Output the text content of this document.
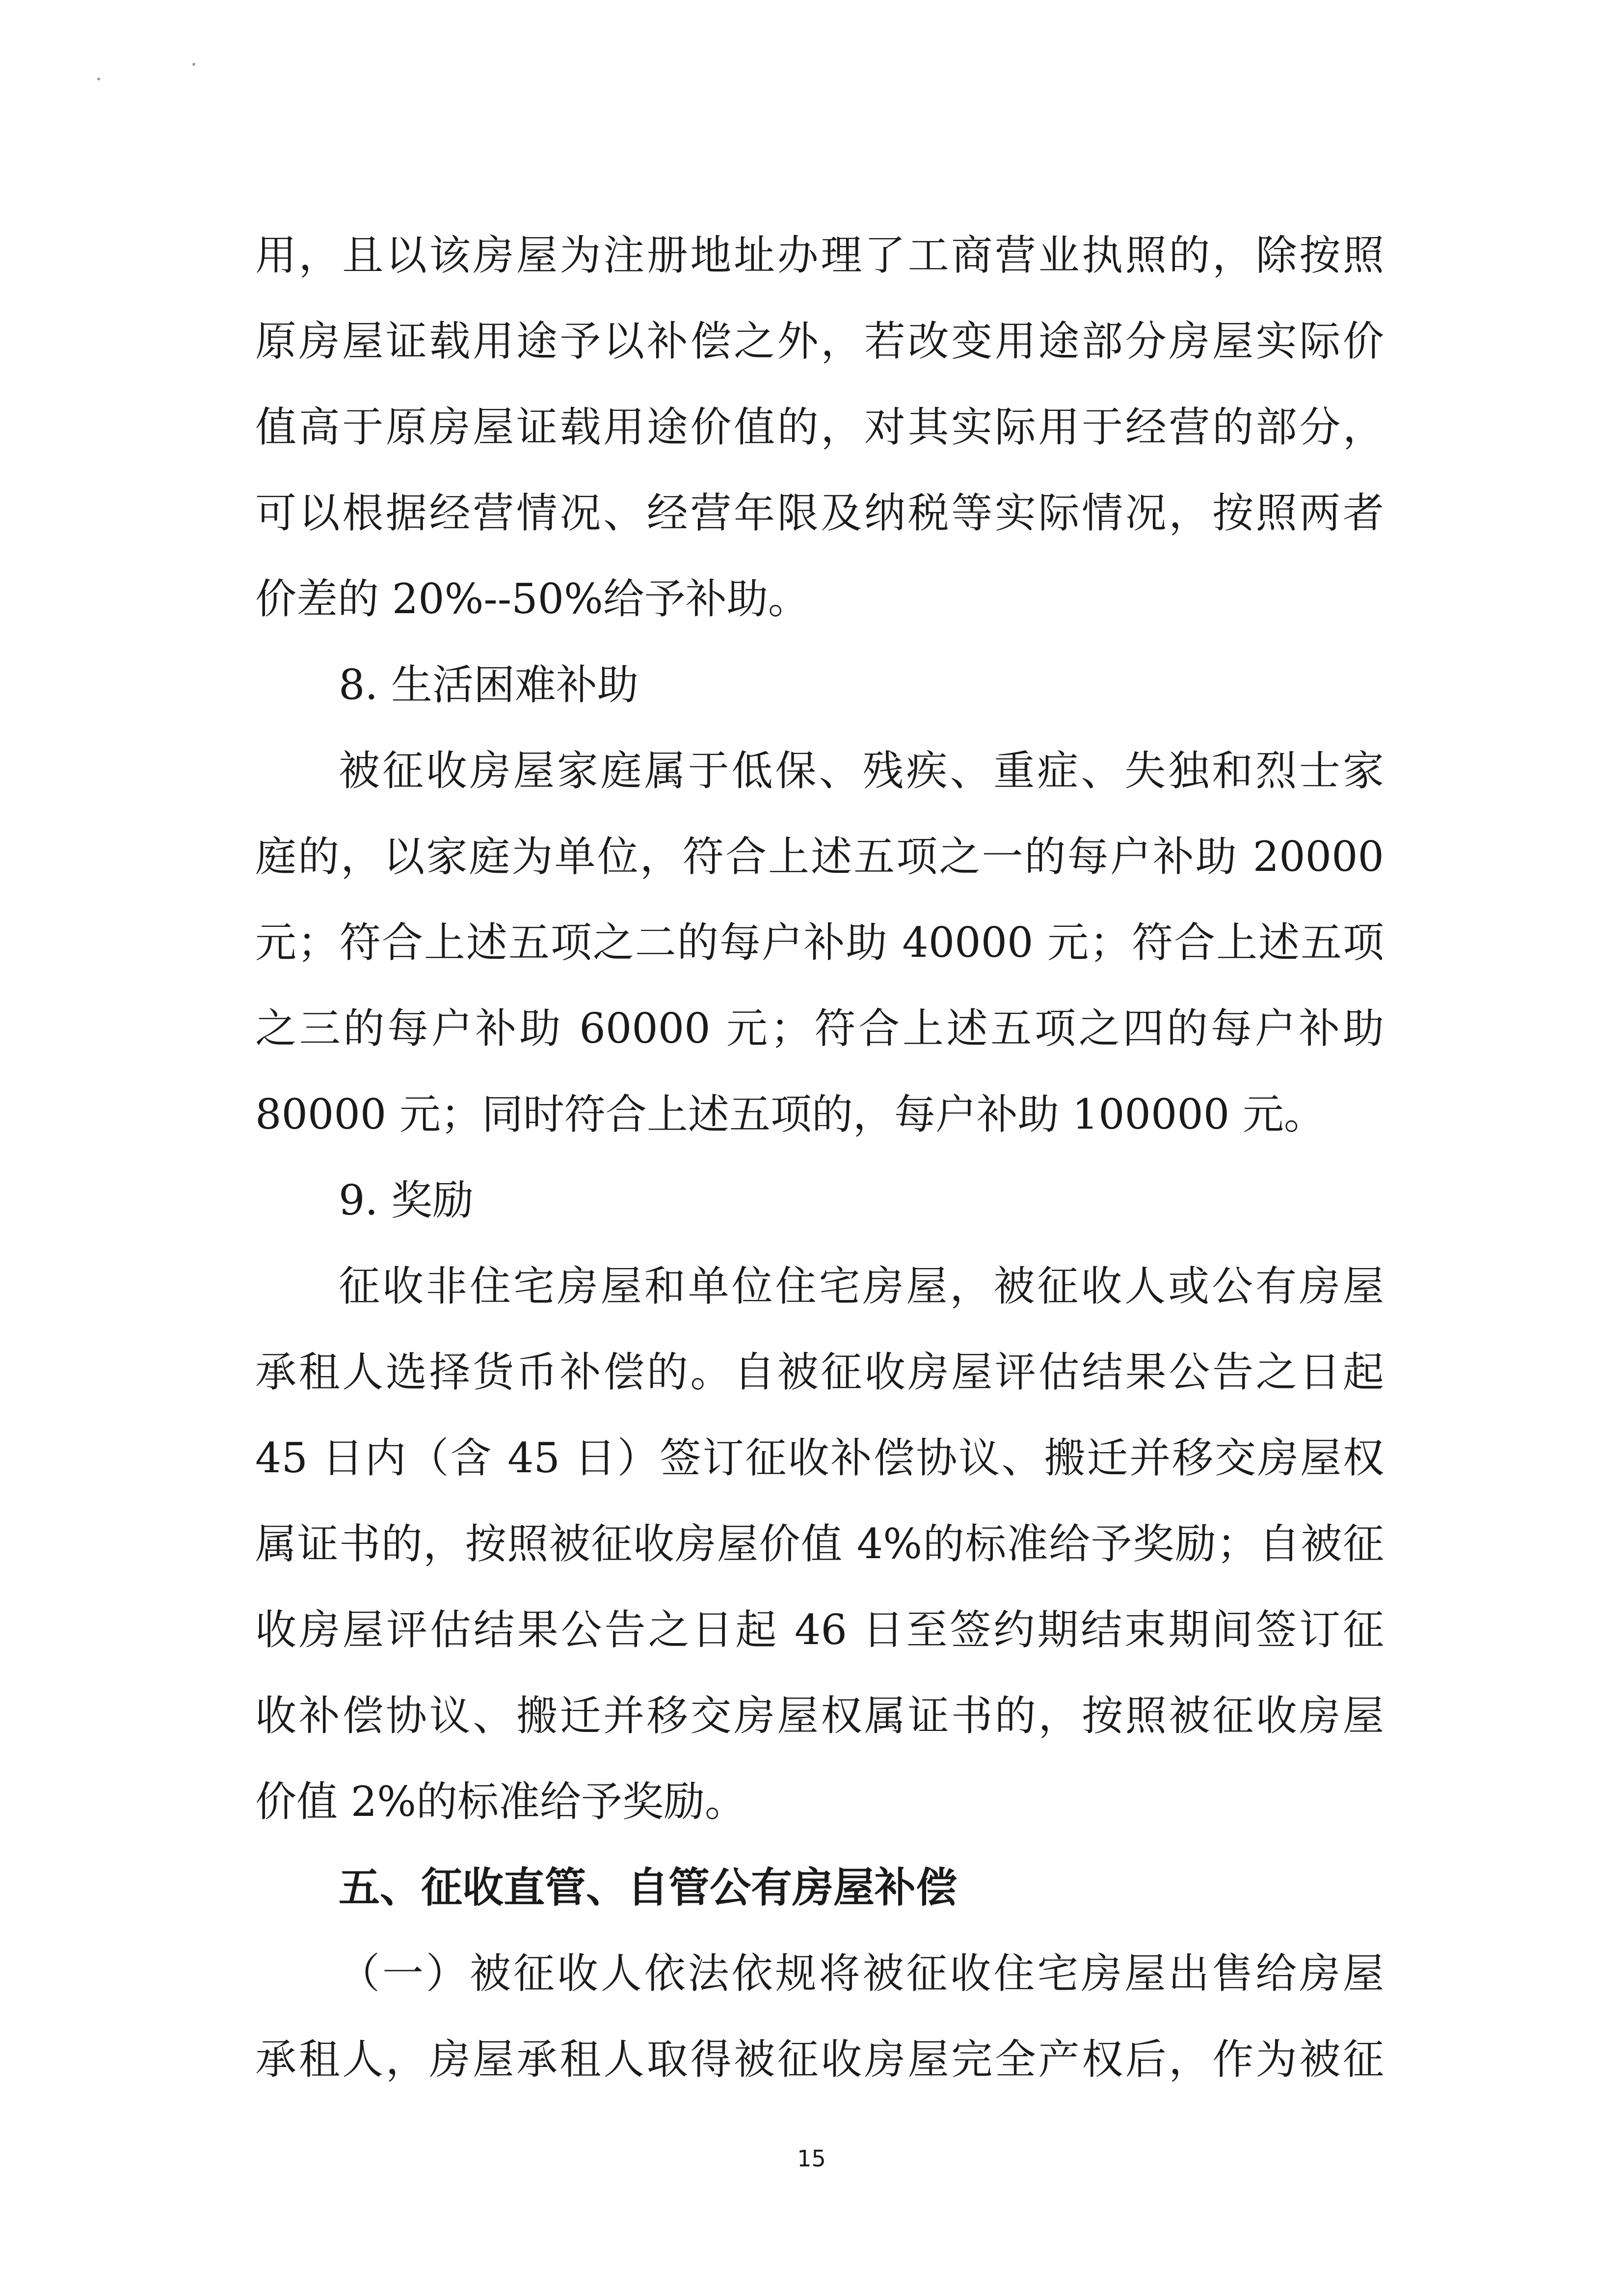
用，且以该房屋为注册地址办理了工商营业执照的，除按照
原房屋证载用途予以补偿之外，若改变用途部分房屋实际价
值高于原房屋证载用途价值的，对其实际用于经营的部分，
可以根据经营情况、经营年限及纳税等实际情况，按照两者
价差的 20%--50%给予补助。
8. 生活困难补助
被征收房屋家庭属于低保、残疾、重症、失独和烈士家
庭的，以家庭为单位，符合上述五项之一的每户补助 20000
元；符合上述五项之二的每户补助 40000 元；符合上述五项
之三的每户补助 60000 元；符合上述五项之四的每户补助
80000 元；同时符合上述五项的，每户补助 100000 元。
9. 奖励
征收非住宅房屋和单位住宅房屋，被征收人或公有房屋
承租人选择货币补偿的。自被征收房屋评估结果公告之日起
45 日内（含 45 日）签订征收补偿协议、搬迁并移交房屋权
属证书的，按照被征收房屋价值 4%的标准给予奖励；自被征
收房屋评估结果公告之日起 46 日至签约期结束期间签订征
收补偿协议、搬迁并移交房屋权属证书的，按照被征收房屋
价值 2%的标准给予奖励。
五、征收直管、自管公有房屋补偿
（一）被征收人依法依规将被征收住宅房屋出售给房屋
承租人，房屋承租人取得被征收房屋完全产权后，作为被征
15
